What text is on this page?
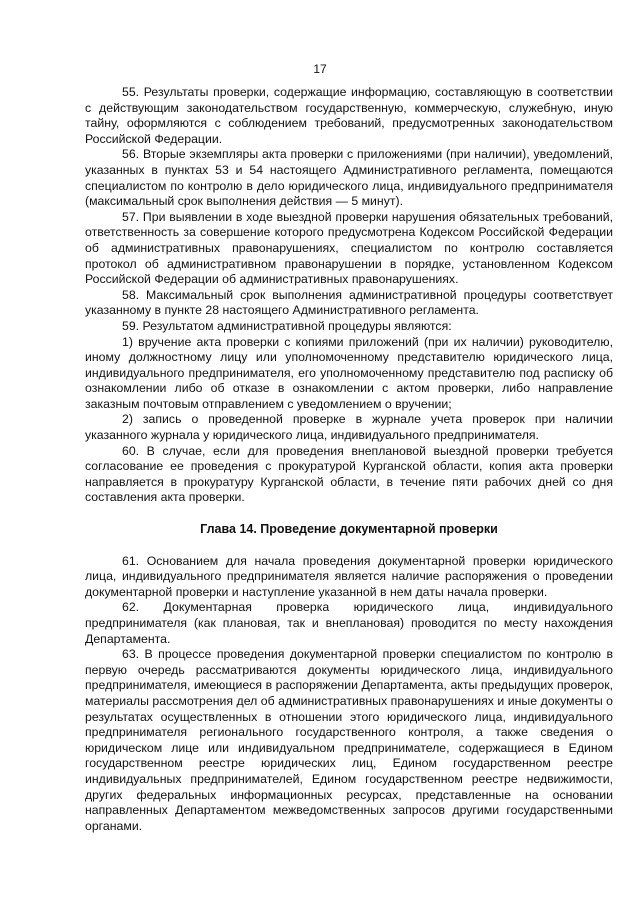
17

55. Результаты проверки, содержащие информацию, составляющую в соответствии с действующим законодательством государственную, коммерческую, служебную, иную тайну, оформляются с соблюдением требований, предусмотренных законодательством Российской Федерации.

56. Вторые экземпляры акта проверки с приложениями (при наличии), уведомлений, указанных в пунктах 53 и 54 настоящего Административного регламента, помещаются специалистом по контролю в дело юридического лица, индивидуального предпринимателя (максимальный срок выполнения действия — 5 минут).

57. При выявлении в ходе выездной проверки нарушения обязательных требований, ответственность за совершение которого предусмотрена Кодексом Российской Федерации об административных правонарушениях, специалистом по контролю составляется протокол об административном правонарушении в порядке, установленном Кодексом Российской Федерации об административных правонарушениях.

58. Максимальный срок выполнения административной процедуры соответствует указанному в пункте 28 настоящего Административного регламента.

59. Результатом административной процедуры являются:

1) вручение акта проверки с копиями приложений (при их наличии) руководителю, иному должностному лицу или уполномоченному представителю юридического лица, индивидуального предпринимателя, его уполномоченному представителю под расписку об ознакомлении либо об отказе в ознакомлении с актом проверки, либо направление заказным почтовым отправлением с уведомлением о вручении;

2) запись о проведенной проверке в журнале учета проверок при наличии указанного журнала у юридического лица, индивидуального предпринимателя.

60. В случае, если для проведения внеплановой выездной проверки требуется согласование ее проведения с прокуратурой Курганской области, копия акта проверки направляется в прокуратуру Курганской области, в течение пяти рабочих дней со дня составления акта проверки.

Глава 14. Проведение документарной проверки

61. Основанием для начала проведения документарной проверки юридического лица, индивидуального предпринимателя является наличие распоряжения о проведении документарной проверки и наступление указанной в нем даты начала проверки.

62. Документарная проверка юридического лица, индивидуального предпринимателя (как плановая, так и внеплановая) проводится по месту нахождения Департамента.

63. В процессе проведения документарной проверки специалистом по контролю в первую очередь рассматриваются документы юридического лица, индивидуального предпринимателя, имеющиеся в распоряжении Департамента, акты предыдущих проверок, материалы рассмотрения дел об административных правонарушениях и иные документы о результатах осуществленных в отношении этого юридического лица, индивидуального предпринимателя регионального государственного контроля, а также сведения о юридическом лице или индивидуальном предпринимателе, содержащиеся в Едином государственном реестре юридических лиц, Едином государственном реестре индивидуальных предпринимателей, Едином государственном реестре недвижимости, других федеральных информационных ресурсах, представленные на основании направленных Департаментом межведомственных запросов другими государственными органами.
